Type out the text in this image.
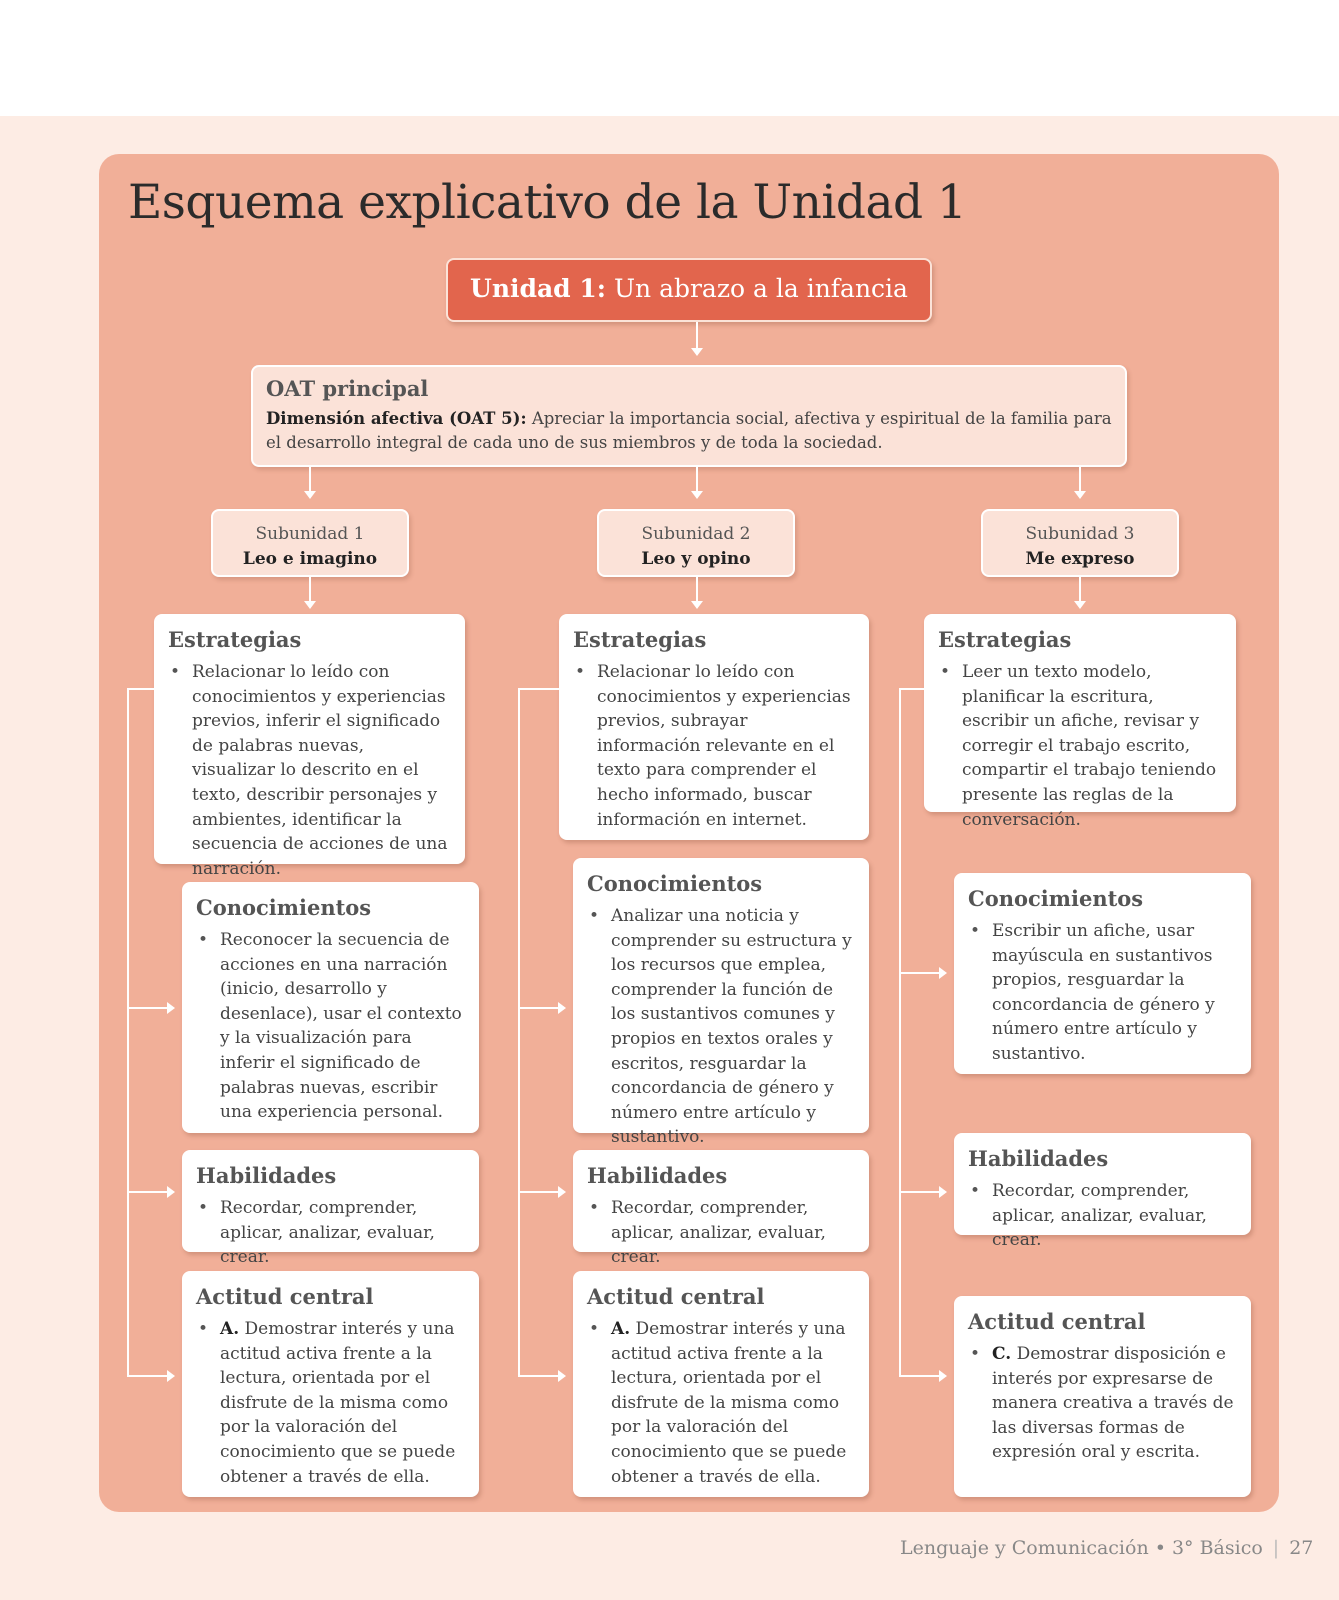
Esquema explicativo de la Unidad 1
Unidad 1: Un abrazo a la infancia
OAT principal
Dimensión afectiva (OAT 5): Apreciar la importancia social, afectiva y espiritual de la familia para el desarrollo integral de cada uno de sus miembros y de toda la sociedad.
Subunidad 1
Leo e imagino
Subunidad 2
Leo y opino
Subunidad 3
Me expreso
Estrategias
• Relacionar lo leído con conocimientos y experiencias previos, inferir el significado de palabras nuevas, visualizar lo descrito en el texto, describir personajes y ambientes, identificar la secuencia de acciones de una narración.
Conocimientos
• Reconocer la secuencia de acciones en una narración (inicio, desarrollo y desenlace), usar el contexto y la visualización para inferir el significado de palabras nuevas, escribir una experiencia personal.
Habilidades
• Recordar, comprender, aplicar, analizar, evaluar, crear.
Actitud central
• A. Demostrar interés y una actitud activa frente a la lectura, orientada por el disfrute de la misma como por la valoración del conocimiento que se puede obtener a través de ella.
Estrategias
• Relacionar lo leído con conocimientos y experiencias previos, subrayar información relevante en el texto para comprender el hecho informado, buscar información en internet.
Conocimientos
• Analizar una noticia y comprender su estructura y los recursos que emplea, comprender la función de los sustantivos comunes y propios en textos orales y escritos, resguardar la concordancia de género y número entre artículo y sustantivo.
Habilidades
• Recordar, comprender, aplicar, analizar, evaluar, crear.
Actitud central
• A. Demostrar interés y una actitud activa frente a la lectura, orientada por el disfrute de la misma como por la valoración del conocimiento que se puede obtener a través de ella.
Estrategias
• Leer un texto modelo, planificar la escritura, escribir un afiche, revisar y corregir el trabajo escrito, compartir el trabajo teniendo presente las reglas de la conversación.
Conocimientos
• Escribir un afiche, usar mayúscula en sustantivos propios, resguardar la concordancia de género y número entre artículo y sustantivo.
Habilidades
• Recordar, comprender, aplicar, analizar, evaluar, crear.
Actitud central
• C. Demostrar disposición e interés por expresarse de manera creativa a través de las diversas formas de expresión oral y escrita.
Lenguaje y Comunicación • 3° Básico | 27
